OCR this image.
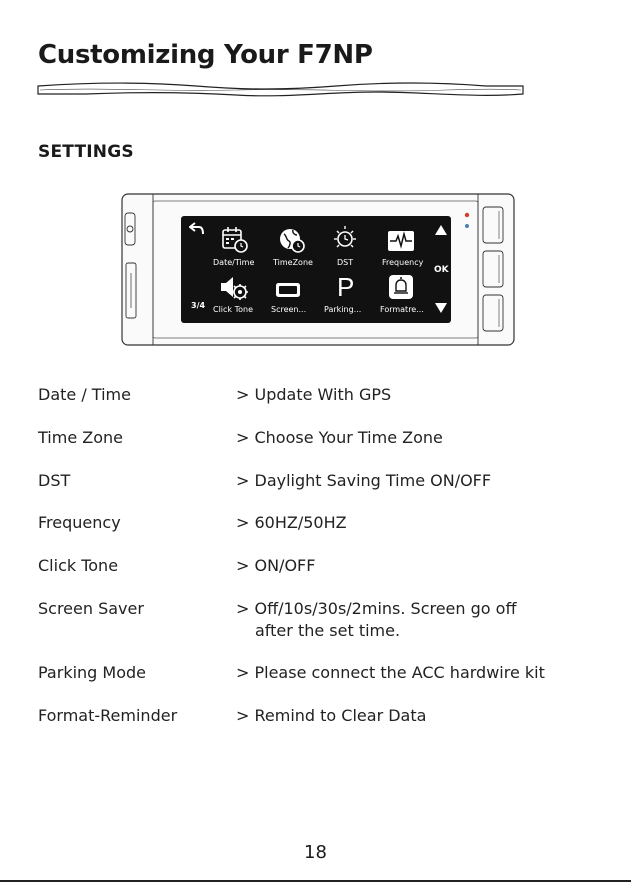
Customizing Your F7NP
SETTINGS
Date/Time TimeZone	DST	Frequency
P
3/4 Click Tone Screen... Parking... Formatre...
OK
Date / Time	> Update With GPS
Time Zone	> Choose Your Time Zone
DST	> Daylight Saving Time ON/OFF
Frequency	> 60HZ/50HZ
Click Tone	> ON/OFF
Screen Saver	> Off/10s/30s/2mins. Screen go off
after the set time.
Parking Mode	> Please connect the ACC hardwire kit
Format-Reminder	> Remind to Clear Data
18
